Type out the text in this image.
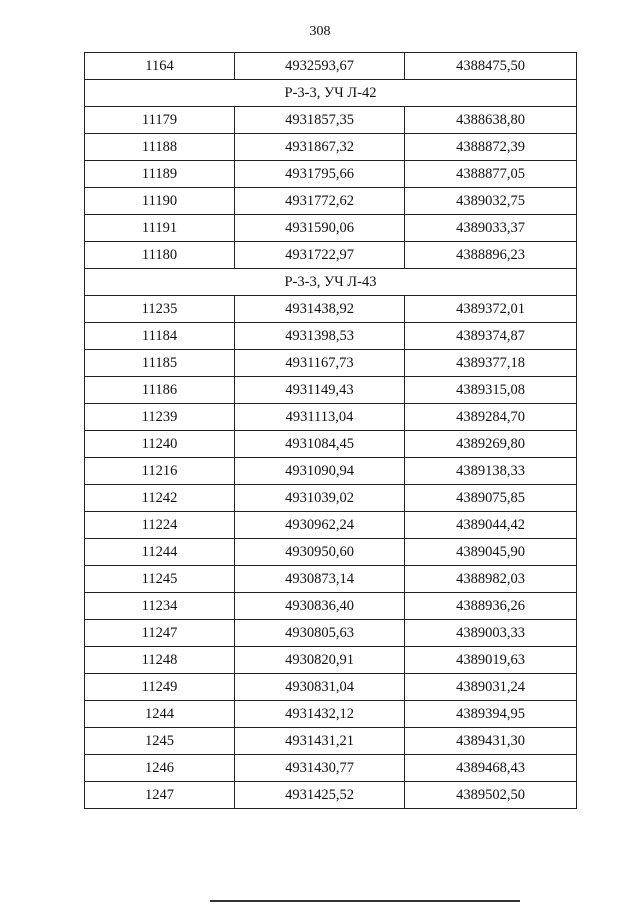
308
1164	4932593,67	4388475,50
Р-3-3, УЧ Л-42		
11179	4931857,35	4388638,80
11188	4931867,32	4388872,39
11189	4931795,66	4388877,05
11190	4931772,62	4389032,75
11191	4931590,06	4389033,37
11180	4931722,97	4388896,23
Р-3-3, УЧ Л-43		
11235	4931438,92	4389372,01
11184	4931398,53	4389374,87
11185	4931167,73	4389377,18
11186	4931149,43	4389315,08
11239	4931113,04	4389284,70
11240	4931084,45	4389269,80
11216	4931090,94	4389138,33
11242	4931039,02	4389075,85
11224	4930962,24	4389044,42
11244	4930950,60	4389045,90
11245	4930873,14	4388982,03
11234	4930836,40	4388936,26
11247	4930805,63	4389003,33
11248	4930820,91	4389019,63
11249	4930831,04	4389031,24
1244	4931432,12	4389394,95
1245	4931431,21	4389431,30
1246	4931430,77	4389468,43
1247	4931425,52	4389502,50
